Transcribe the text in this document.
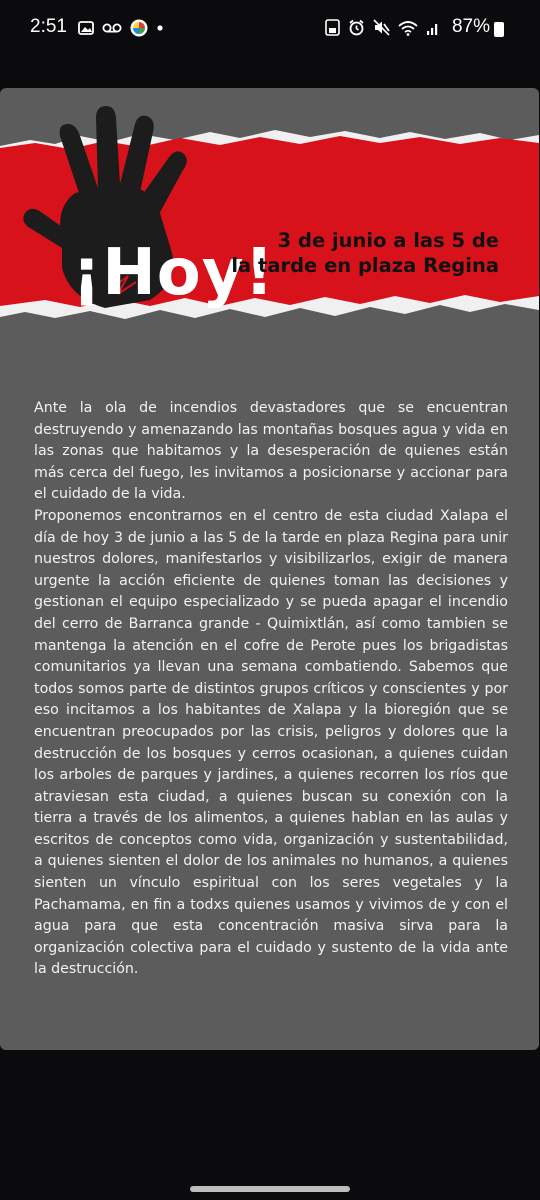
2:51	87%
¡Hoy! 3 de junio a las 5 de
la tarde en plaza Regina

Ante la ola de incendios devastadores que se encuentran destruyendo y amenazando las montañas bosques agua y vida en las zonas que habitamos y la desesperación de quienes están más cerca del fuego, les invitamos a posicionarse y accionar para el cuidado de la vida.

Proponemos encontrarnos en el centro de esta ciudad Xalapa el día de hoy 3 de junio a las 5 de la tarde en plaza Regina para unir nuestros dolores, manifestarlos y visibilizarlos, exigir de manera urgente la acción eficiente de quienes toman las decisiones y gestionan el equipo especializado y se pueda apagar el incendio del cerro de Barranca grande - Quimixtlán, así como tambien se mantenga la atención en el cofre de Perote pues los brigadistas comunitarios ya llevan una semana combatiendo. Sabemos que todos somos parte de distintos grupos críticos y conscientes y por eso incitamos a los habitantes de Xalapa y la bioregión que se encuentran preocupados por las crisis, peligros y dolores que la destrucción de los bosques y cerros ocasionan, a quienes cuidan los arboles de parques y jardines, a quienes recorren los ríos que atraviesan esta ciudad, a quienes buscan su conexión con la tierra a través de los alimentos, a quienes hablan en las aulas y escritos de conceptos como vida, organización y sustentabilidad, a quienes sienten el dolor de los animales no humanos, a quienes sienten un vínculo espiritual con los seres vegetales y la Pachamama, en fin a todxs quienes usamos y vivimos de y con el agua para que esta concentración masiva sirva para la organización colectiva para el cuidado y sustento de la vida ante la destrucción.
